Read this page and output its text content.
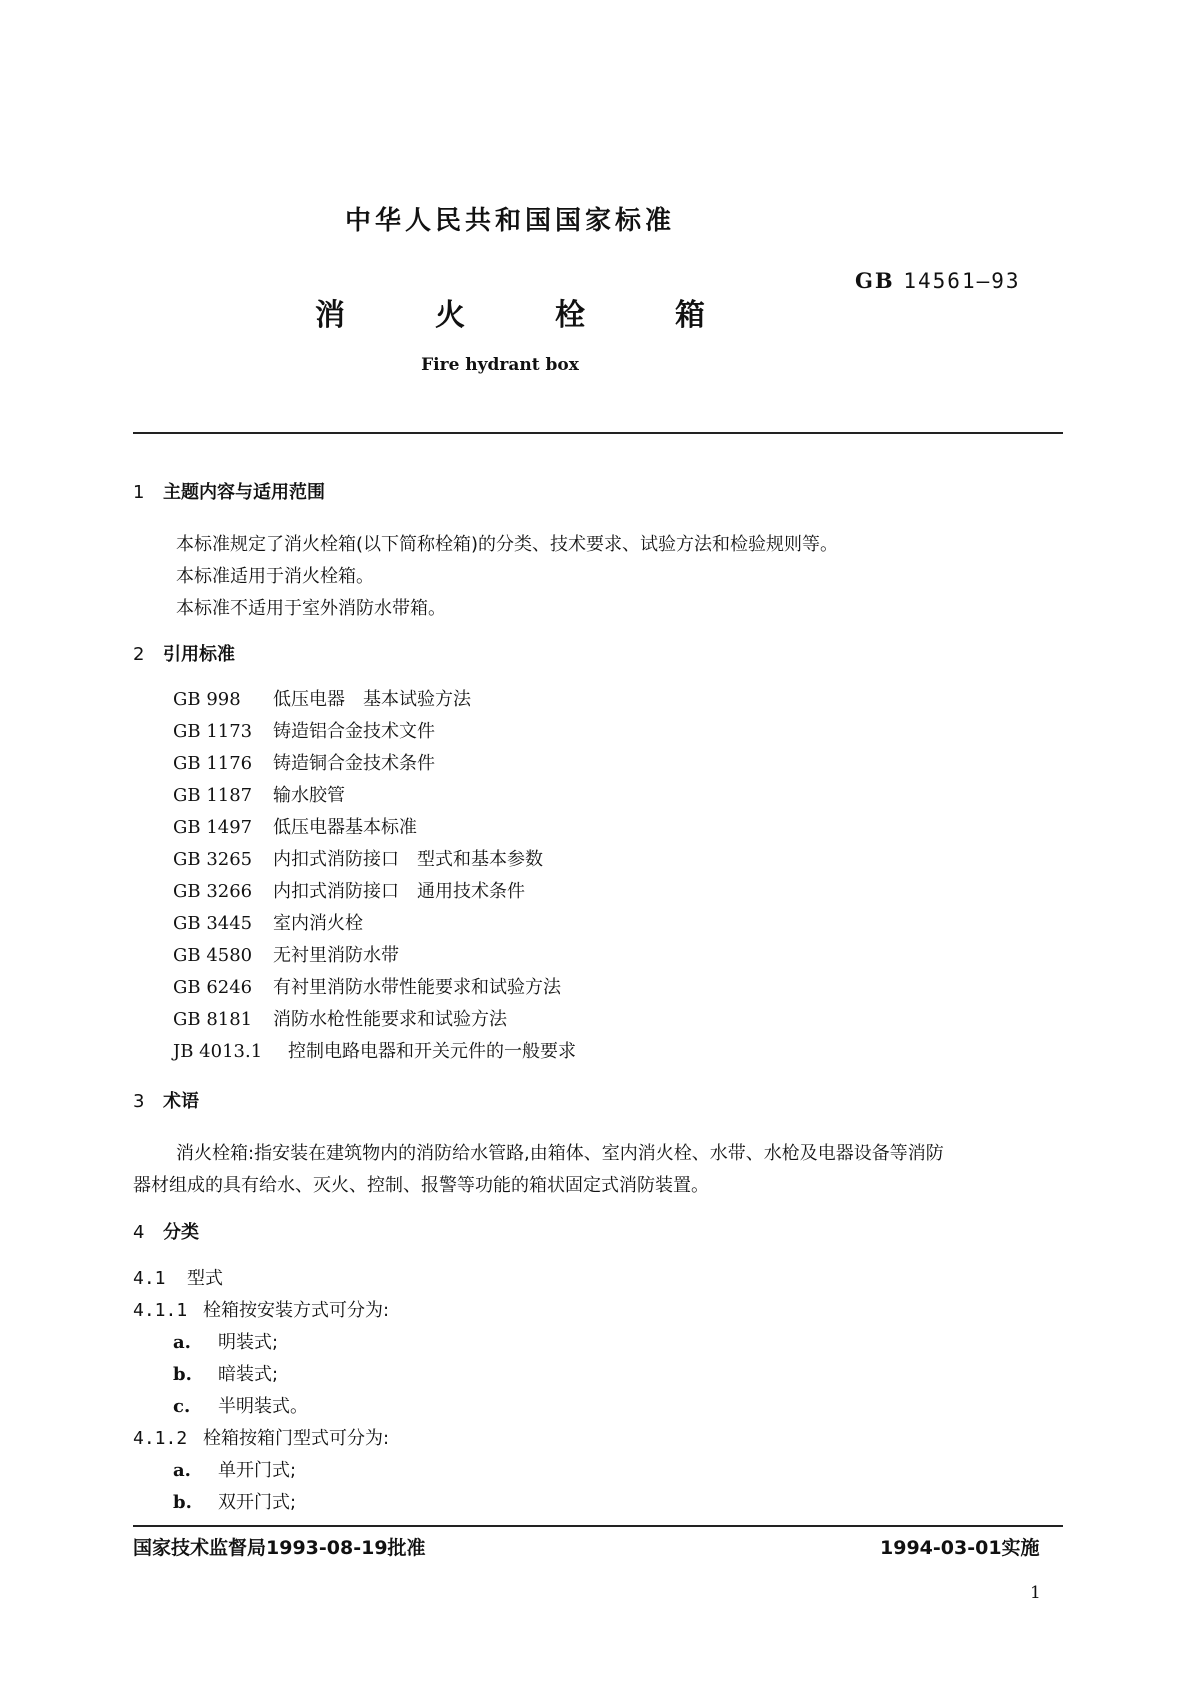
中华人民共和国国家标准
GB 14561—93
消火栓箱
Fire hydrant box
1 主题内容与适用范围
本标准规定了消火栓箱(以下简称栓箱)的分类、技术要求、试验方法和检验规则等。
本标准适用于消火栓箱。
本标准不适用于室外消防水带箱。
2 引用标准
GB 998 低压电器　基本试验方法
GB 1173 铸造铝合金技术文件
GB 1176 铸造铜合金技术条件
GB 1187 输水胶管
GB 1497 低压电器基本标准
GB 3265 内扣式消防接口　型式和基本参数
GB 3266 内扣式消防接口　通用技术条件
GB 3445 室内消火栓
GB 4580 无衬里消防水带
GB 6246 有衬里消防水带性能要求和试验方法
GB 8181 消防水枪性能要求和试验方法
JB 4013.1 控制电路电器和开关元件的一般要求
3 术语
消火栓箱:指安装在建筑物内的消防给水管路,由箱体、室内消火栓、水带、水枪及电器设备等消防
器材组成的具有给水、灭火、控制、报警等功能的箱状固定式消防装置。
4 分类
4.1 型式
4.1.1 栓箱按安装方式可分为:
a. 明装式;
b. 暗装式;
c. 半明装式。
4.1.2 栓箱按箱门型式可分为:
a. 单开门式;
b. 双开门式;
国家技术监督局1993-08-19批准	1994-03-01实施
1
